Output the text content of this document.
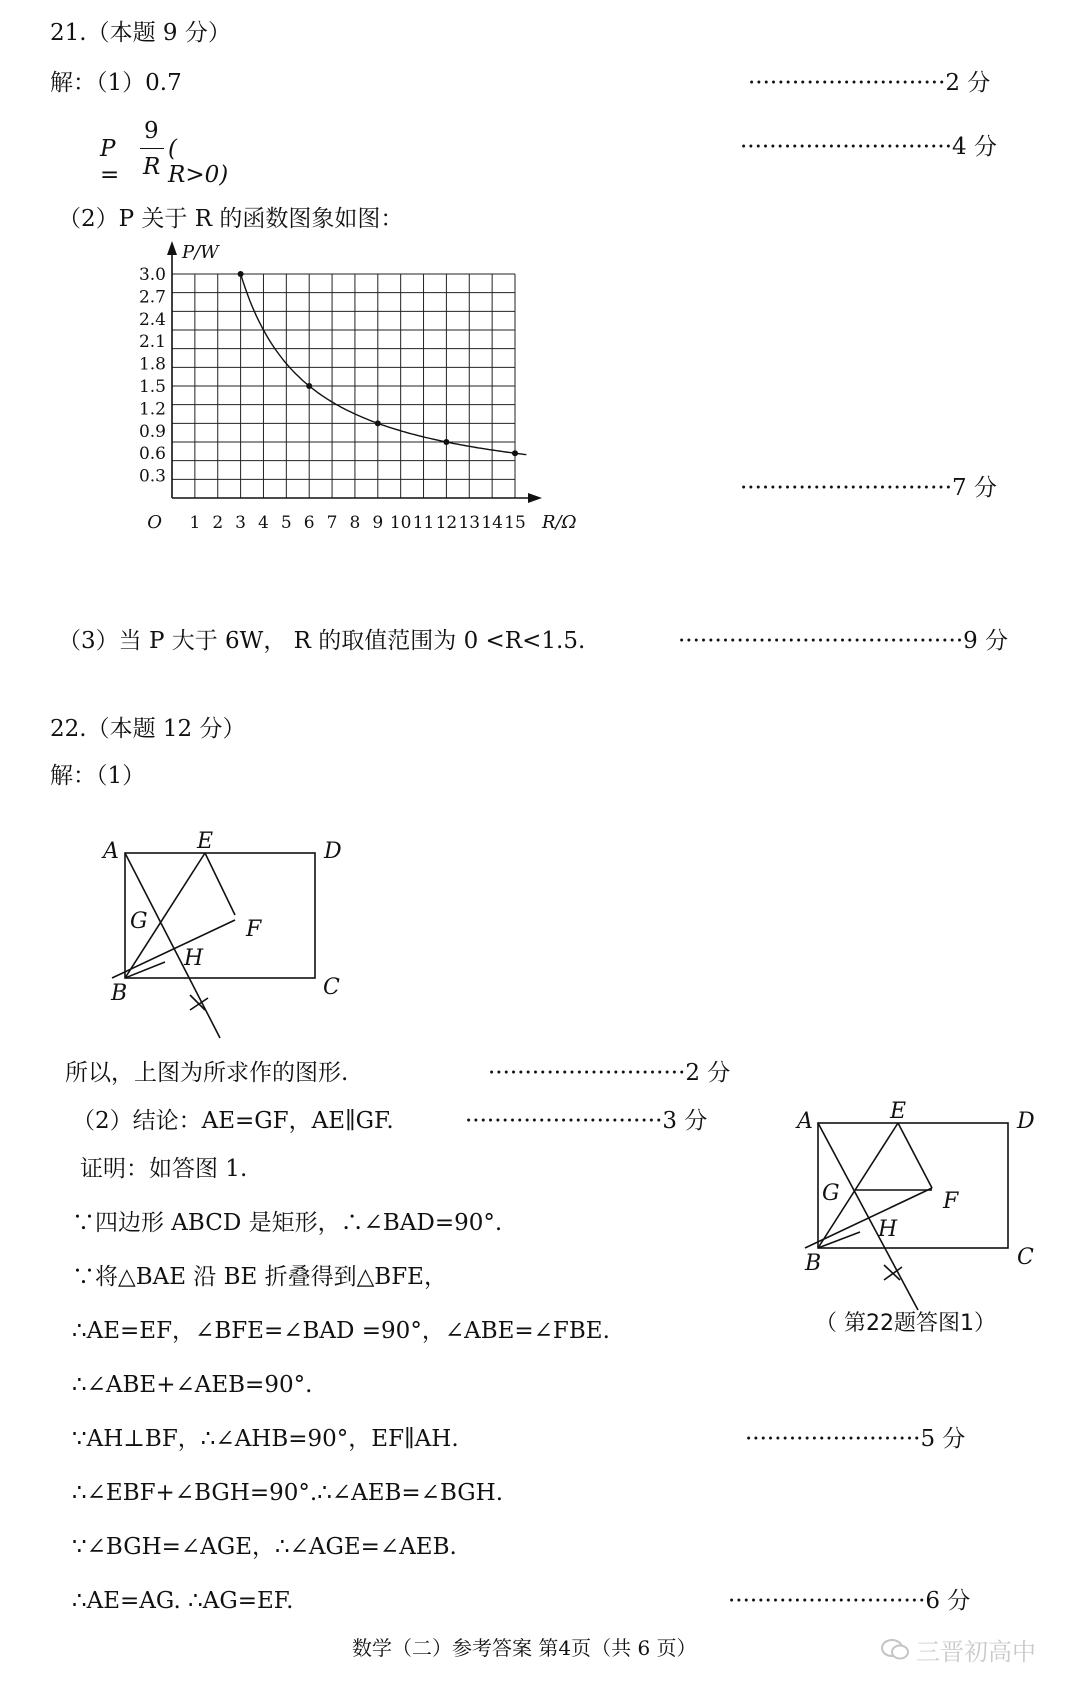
21.（本题 9 分）
解：（1）0.7	···························2 分
P =
9
R
( R>0)
·····························4 分
（2）P 关于 R 的函数图象如图：
1 2 3 4 5 6 7 8 9 10 11 12 13 14 15
0.3
0.6
0.9
1.2
1.5
1.8
2.1
2.4
2.7
3.0
O	R/Ω
P/W
·····························7 分
（3）当 P 大于 6W， R 的取值范围为 0 <R<1.5.	·······································9 分
22.（本题 12 分）
解：（1）
A	E	D
G	F
H
B	C
所以，上图为所求作的图形.	···························2 分
（2）结论：AE=GF，AE∥GF.	···························3 分
证明：如答图 1.
∵四边形 ABCD 是矩形，∴∠BAD=90°.
∵将△BAE 沿 BE 折叠得到△BFE，
∴AE=EF，∠BFE=∠BAD =90°，∠ABE=∠FBE.
∴∠ABE+∠AEB=90°.
∵AH⊥BF，∴∠AHB=90°，EF∥AH.	························5 分
∴∠EBF+∠BGH=90°.∴∠AEB=∠BGH.
∵∠BGH=∠AGE，∴∠AGE=∠AEB.
∴AE=AG. ∴AG=EF.	···························6 分
A	E	D
G	F
H
B	C
（ 第22题答图1）
数学（二）参考答案 第4页（共 6 页）	三晋初高中
